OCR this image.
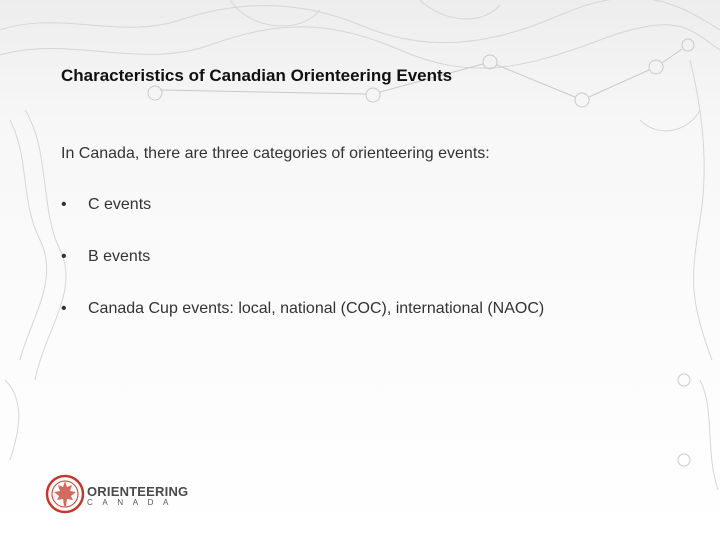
Characteristics of Canadian Orienteering Events
In Canada, there are three categories of orienteering events:
• C events
• B events
• Canada Cup events: local, national (COC), international (NAOC)
ORIENTEERING
CANADA
